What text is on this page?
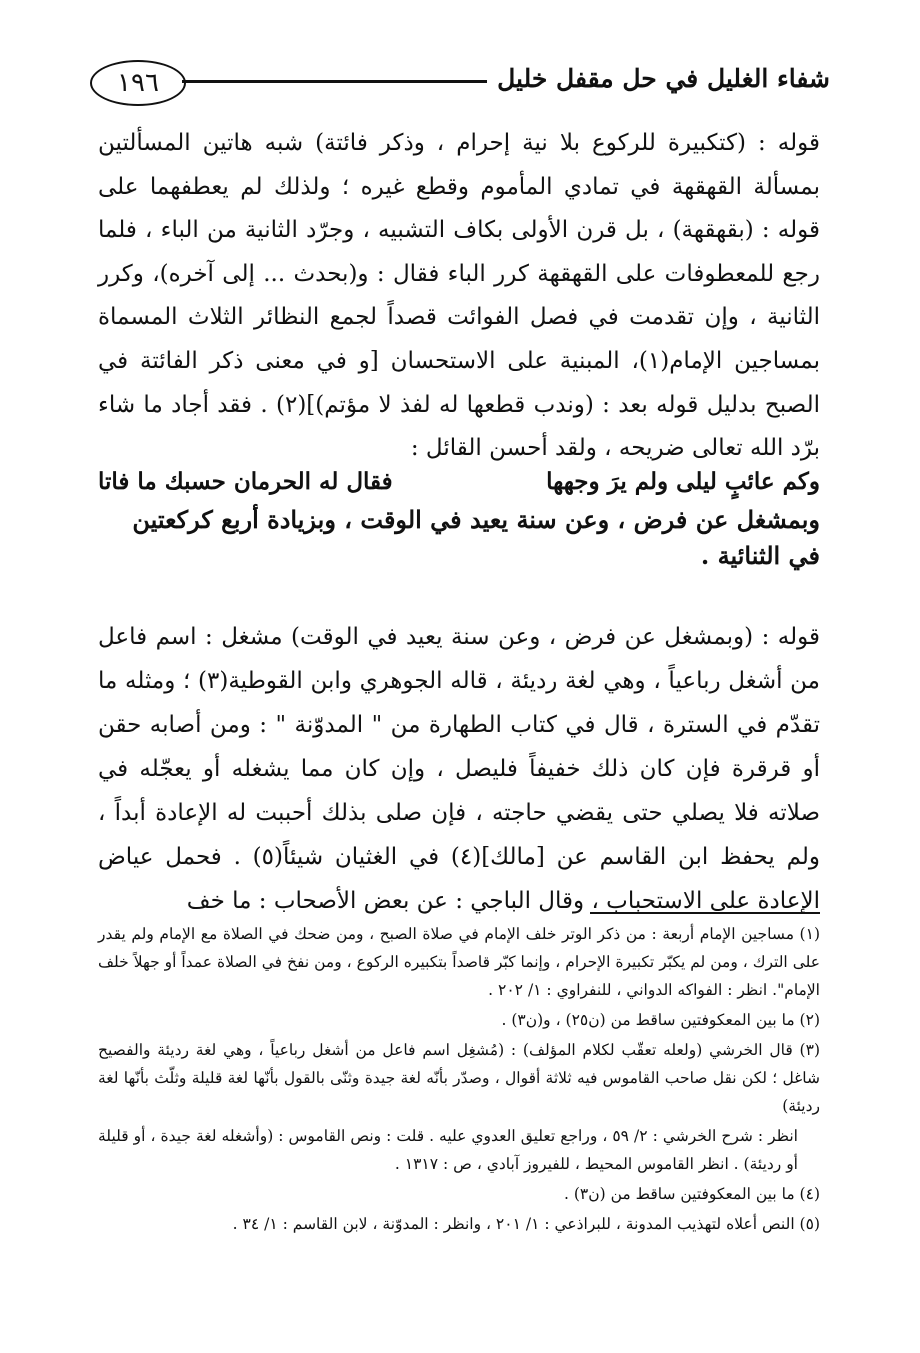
١٩٦	شفاء الغليل في حل مقفل خليل

قوله : (كتكبيرة للركوع بلا نية إحرام ، وذكر فائتة) شبه هاتين المسألتين بمسألة القهقهة في تمادي المأموم وقطع غيره ؛ ولذلك لم يعطفهما على قوله : (بقهقهة) ، بل قرن الأولى بكاف التشبيه ، وجرّد الثانية من الباء ، فلما رجع للمعطوفات على القهقهة كرر الباء فقال : و(بحدث ... إلى آخره)، وكرر الثانية ، وإن تقدمت في فصل الفوائت قصداً لجمع النظائر الثلاث المسماة بمساجين الإمام(١)، المبنية على الاستحسان [و في معنى ذكر الفائتة في الصبح بدليل قوله بعد : (وندب قطعها له لفذ لا مؤتم)](٢) . فقد أجاد ما شاء برّد الله تعالى ضريحه ، ولقد أحسن القائل :

وكم عائبٍ ليلى ولم يرَ وجهها
فقال له الحرمان حسبك ما فاتا
وبمشغل عن فرض ، وعن سنة يعيد في الوقت ، وبزيادة أربع كركعتين في الثنائية .

قوله : (وبمشغل عن فرض ، وعن سنة يعيد في الوقت) مشغل : اسم فاعل من أشغل رباعياً ، وهي لغة رديئة ، قاله الجوهري وابن القوطية(٣) ؛ ومثله ما تقدّم في السترة ، قال في كتاب الطهارة من " المدوّنة " : ومن أصابه حقن أو قرقرة فإن كان ذلك خفيفاً فليصل ، وإن كان مما يشغله أو يعجّله في صلاته فلا يصلي حتى يقضي حاجته ، فإن صلى بذلك أحببت له الإعادة أبداً ، ولم يحفظ ابن القاسم عن [مالك](٤) في الغثيان شيئاً(٥) . فحمل عياض الإعادة على الاستحباب ، وقال الباجي : عن بعض الأصحاب : ما خف

(١) مساجين الإمام أربعة : من ذكر الوتر خلف الإمام في صلاة الصبح ، ومن ضحك في الصلاة مع الإمام ولم يقدر على الترك ، ومن لم يكبّر تكبيرة الإحرام ، وإنما كبّر قاصداً بتكبيره الركوع ، ومن نفخ في الصلاة عمداً أو جهلاً خلف الإمام". انظر : الفواكه الدواني ، للنفراوي : ١/ ٢٠٢ .

(٢) ما بين المعكوفتين ساقط من (ن٢٥) ، و(ن٣) .

(٣) قال الخرشي (ولعله تعقّب لكلام المؤلف) : (مُشغِل اسم فاعل من أشغل رباعياً ، وهي لغة رديئة والفصيح شاغل ؛ لكن نقل صاحب القاموس فيه ثلاثة أقوال ، وصدّر بأنّه لغة جيدة وثنّى بالقول بأنّها لغة قليلة وثلّث بأنّها لغة رديئة)

انظر : شرح الخرشي : ٢/ ٥٩ ، وراجع تعليق العدوي عليه . قلت : ونص القاموس : (وأشغله لغة جيدة ، أو قليلة أو رديئة) . انظر القاموس المحيط ، للفيروز آبادي ، ص : ١٣١٧ .

(٤) ما بين المعكوفتين ساقط من (ن٣) .

(٥) النص أعلاه لتهذيب المدونة ، للبراذعي : ١/ ٢٠١ ، وانظر : المدوّنة ، لابن القاسم : ١/ ٣٤ .
